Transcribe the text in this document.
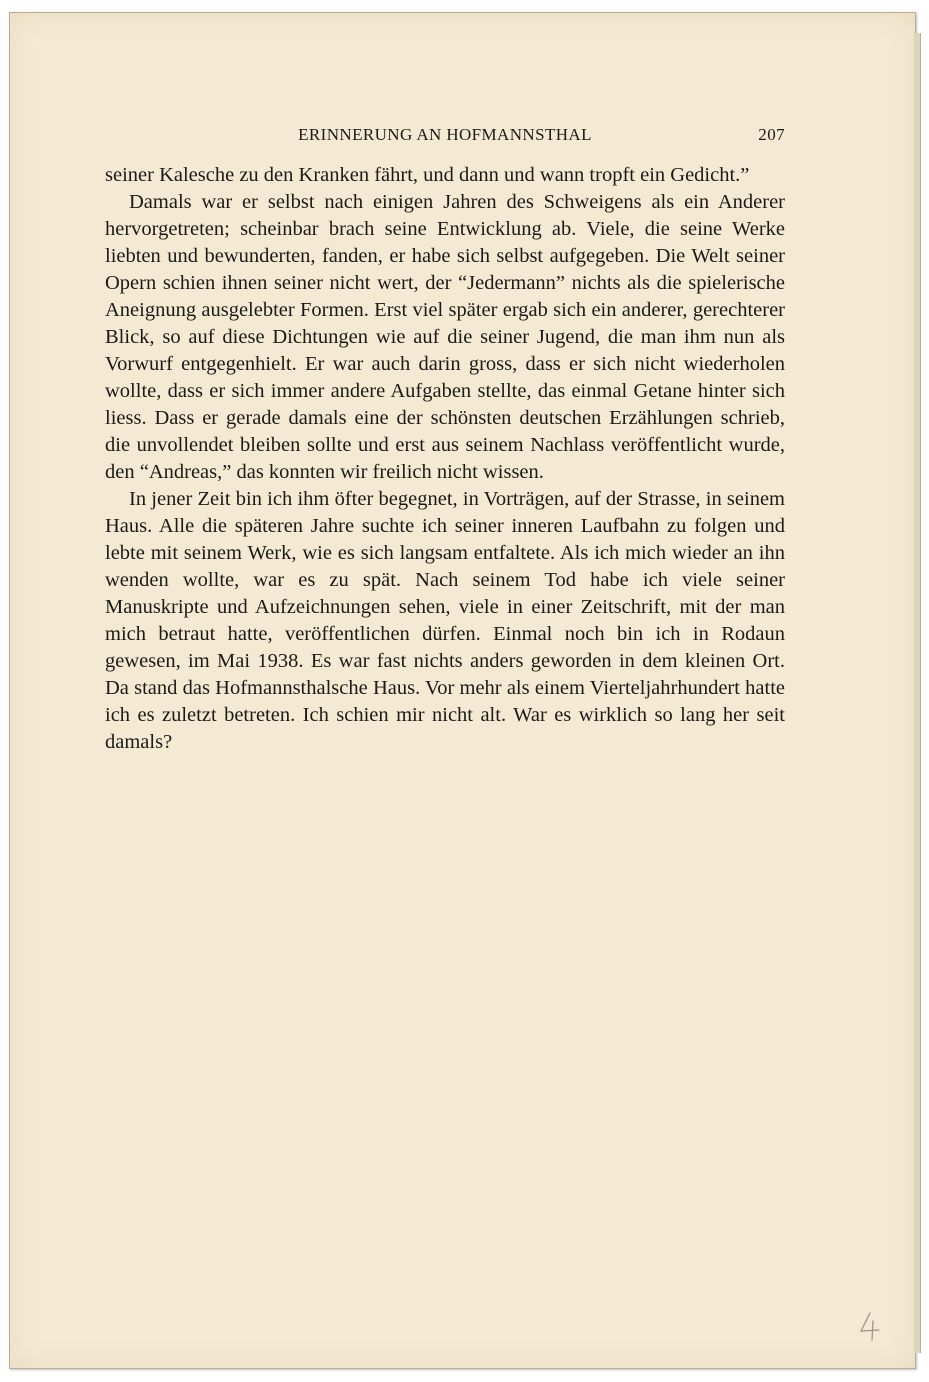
ERINNERUNG AN HOFMANNSTHAL	207

seiner Kalesche zu den Kranken fährt, und dann und wann tropft ein Gedicht.”

Damals war er selbst nach einigen Jahren des Schweigens als ein Anderer hervorgetreten; scheinbar brach seine Entwicklung ab. Viele, die seine Werke liebten und bewunderten, fanden, er habe sich selbst aufgegeben. Die Welt seiner Opern schien ihnen seiner nicht wert, der “Jedermann” nichts als die spielerische Aneignung ausgelebter Formen. Erst viel später ergab sich ein anderer, gerechterer Blick, so auf diese Dichtungen wie auf die seiner Jugend, die man ihm nun als Vorwurf entgegenhielt. Er war auch darin gross, dass er sich nicht wiederholen wollte, dass er sich immer andere Aufgaben stellte, das einmal Getane hinter sich liess. Dass er gerade damals eine der schönsten deutschen Erzählungen schrieb, die unvollendet bleiben sollte und erst aus seinem Nachlass veröffentlicht wurde, den “Andreas,” das konnten wir freilich nicht wissen.

In jener Zeit bin ich ihm öfter begegnet, in Vorträgen, auf der Strasse, in seinem Haus. Alle die späteren Jahre suchte ich seiner inneren Laufbahn zu folgen und lebte mit seinem Werk, wie es sich langsam entfaltete. Als ich mich wieder an ihn wenden wollte, war es zu spät. Nach seinem Tod habe ich viele seiner Manuskripte und Aufzeichnungen sehen, viele in einer Zeitschrift, mit der man mich betraut hatte, veröffentlichen dürfen. Einmal noch bin ich in Rodaun gewesen, im Mai 1938. Es war fast nichts anders geworden in dem kleinen Ort. Da stand das Hofmannsthalsche Haus. Vor mehr als einem Vierteljahrhundert hatte ich es zuletzt betreten. Ich schien mir nicht alt. War es wirklich so lang her seit damals?
